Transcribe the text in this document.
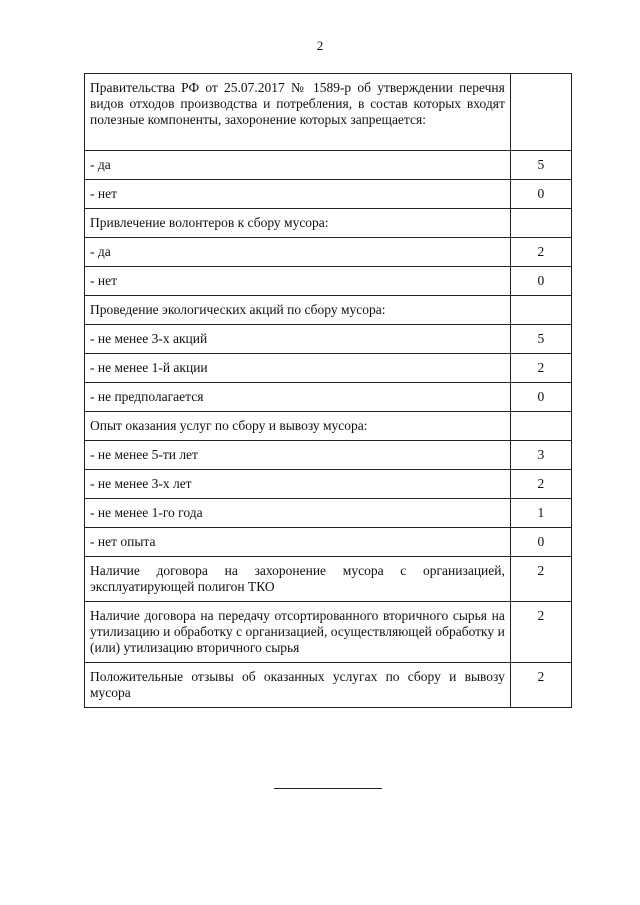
2
Правительства РФ от 25.07.2017 № 1589-р об утверждении перечня видов отходов производства и потребления, в состав которых входят полезные компоненты, захоронение которых запрещается:	
- да	5
- нет	0
Привлечение волонтеров к сбору мусора:	
- да	2
- нет	0
Проведение экологических акций по сбору мусора:	
- не менее 3-х акций	5
- не менее 1-й акции	2
- не предполагается	0
Опыт оказания услуг по сбору и вывозу мусора:	
- не менее 5-ти лет	3
- не менее 3-х лет	2
- не менее 1-го года	1
- нет опыта	0
Наличие договора на захоронение мусора с организацией, эксплуатирующей полигон ТКО	2
Наличие договора на передачу отсортированного вторичного сырья на утилизацию и обработку с организацией, осуществляющей обработку и (или) утилизацию вторичного сырья	2
Положительные отзывы об оказанных услугах по сбору и вывозу мусора	2
